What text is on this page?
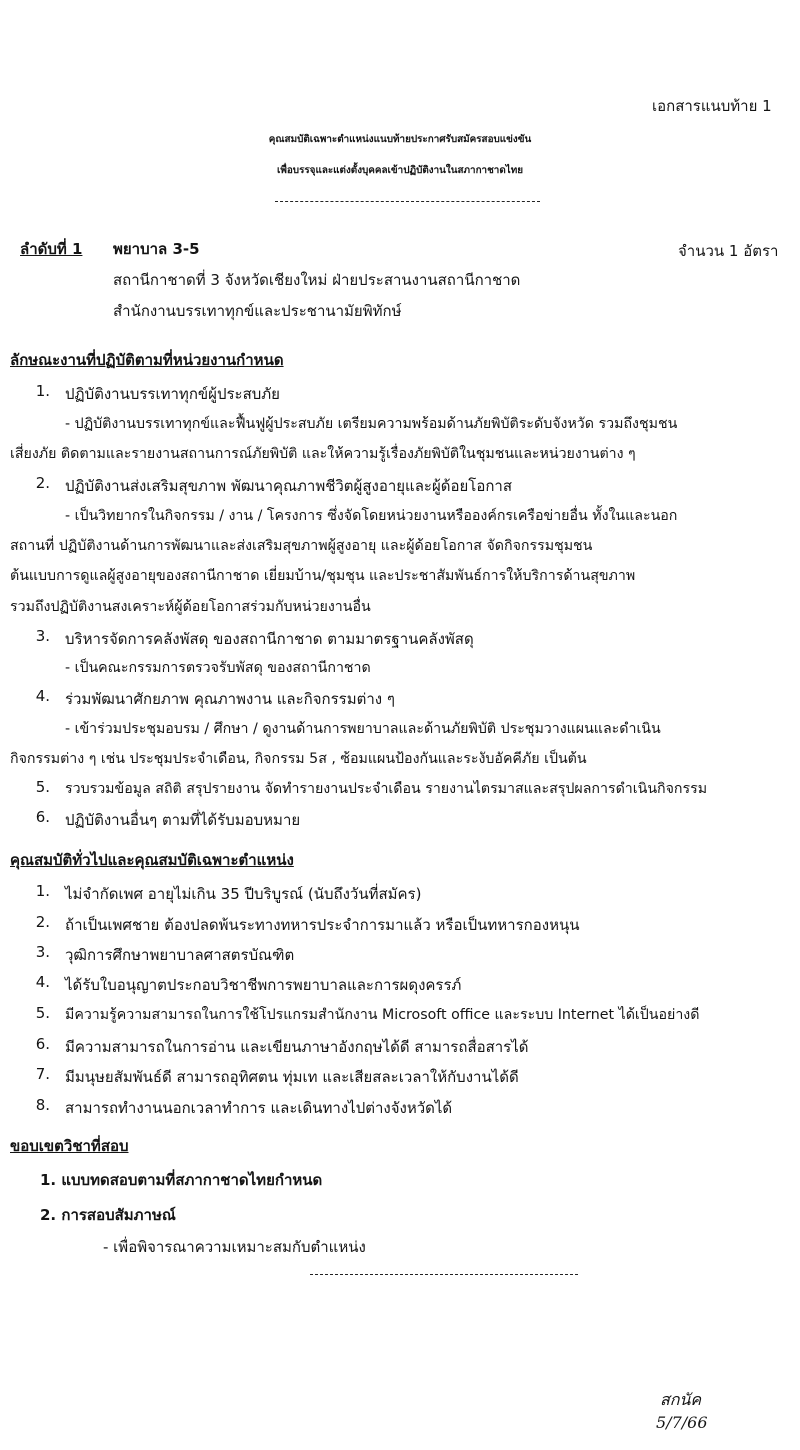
เอกสารแนบท้าย 1
คุณสมบัติเฉพาะตำแหน่งแนบท้ายประกาศรับสมัครสอบแข่งขัน
เพื่อบรรจุและแต่งตั้งบุคคลเข้าปฏิบัติงานในสภากาชาดไทย
ลำดับที่ 1 พยาบาล 3-5	จำนวน 1 อัตรา
สถานีกาชาดที่ 3 จังหวัดเชียงใหม่ ฝ่ายประสานงานสถานีกาชาด
สำนักงานบรรเทาทุกข์และประชานามัยพิทักษ์
ลักษณะงานที่ปฏิบัติตามที่หน่วยงานกำหนด
1. ปฏิบัติงานบรรเทาทุกข์ผู้ประสบภัย
- ปฏิบัติงานบรรเทาทุกข์และฟื้นฟูผู้ประสบภัย เตรียมความพร้อมด้านภัยพิบัติระดับจังหวัด รวมถึงชุมชน
เสี่ยงภัย ติดตามและรายงานสถานการณ์ภัยพิบัติ และให้ความรู้เรื่องภัยพิบัติในชุมชนและหน่วยงานต่าง ๆ
2. ปฏิบัติงานส่งเสริมสุขภาพ พัฒนาคุณภาพชีวิตผู้สูงอายุและผู้ด้อยโอกาส
- เป็นวิทยากรในกิจกรรม / งาน / โครงการ ซึ่งจัดโดยหน่วยงานหรือองค์กรเครือข่ายอื่น ทั้งในและนอก
สถานที่ ปฏิบัติงานด้านการพัฒนาและส่งเสริมสุขภาพผู้สูงอายุ และผู้ด้อยโอกาส จัดกิจกรรมชุมชน
ต้นแบบการดูแลผู้สูงอายุของสถานีกาชาด เยี่ยมบ้าน/ชุมชุน และประชาสัมพันธ์การให้บริการด้านสุขภาพ
รวมถึงปฏิบัติงานสงเคราะห์ผู้ด้อยโอกาสร่วมกับหน่วยงานอื่น
3. บริหารจัดการคลังพัสดุ ของสถานีกาชาด ตามมาตรฐานคลังพัสดุ
- เป็นคณะกรรมการตรวจรับพัสดุ ของสถานีกาชาด
4. ร่วมพัฒนาศักยภาพ คุณภาพงาน และกิจกรรมต่าง ๆ
- เข้าร่วมประชุมอบรม / ศึกษา / ดูงานด้านการพยาบาลและด้านภัยพิบัติ ประชุมวางแผนและดำเนิน
กิจกรรมต่าง ๆ เช่น ประชุมประจำเดือน, กิจกรรม 5ส , ซ้อมแผนป้องกันและระงับอัคคีภัย เป็นต้น
5. รวบรวมข้อมูล สถิติ สรุปรายงาน จัดทำรายงานประจำเดือน รายงานไตรมาสและสรุปผลการดำเนินกิจกรรม
6. ปฏิบัติงานอื่นๆ ตามที่ได้รับมอบหมาย
คุณสมบัติทั่วไปและคุณสมบัติเฉพาะตำแหน่ง
1. ไม่จำกัดเพศ อายุไม่เกิน 35 ปีบริบูรณ์ (นับถึงวันที่สมัคร)
2. ถ้าเป็นเพศชาย ต้องปลดพ้นระทางทหารประจำการมาแล้ว หรือเป็นทหารกองหนุน
3. วุฒิการศึกษาพยาบาลศาสตรบัณฑิต
4. ได้รับใบอนุญาตประกอบวิชาชีพการพยาบาลและการผดุงครรภ์
5. มีความรู้ความสามารถในการใช้โปรแกรมสำนักงาน Microsoft office และระบบ Internet ได้เป็นอย่างดี
6. มีความสามารถในการอ่าน และเขียนภาษาอังกฤษได้ดี สามารถสื่อสารได้
7. มีมนุษยสัมพันธ์ดี สามารถอุทิศตน ทุ่มเท และเสียสละเวลาให้กับงานได้ดี
8. สามารถทำงานนอกเวลาทำการ และเดินทางไปต่างจังหวัดได้
ขอบเขตวิชาที่สอบ
1. แบบทดสอบตามที่สภากาชาดไทยกำหนด
2. การสอบสัมภาษณ์
- เพื่อพิจารณาความเหมาะสมกับตำแหน่ง
สกนัค
5/7/66
